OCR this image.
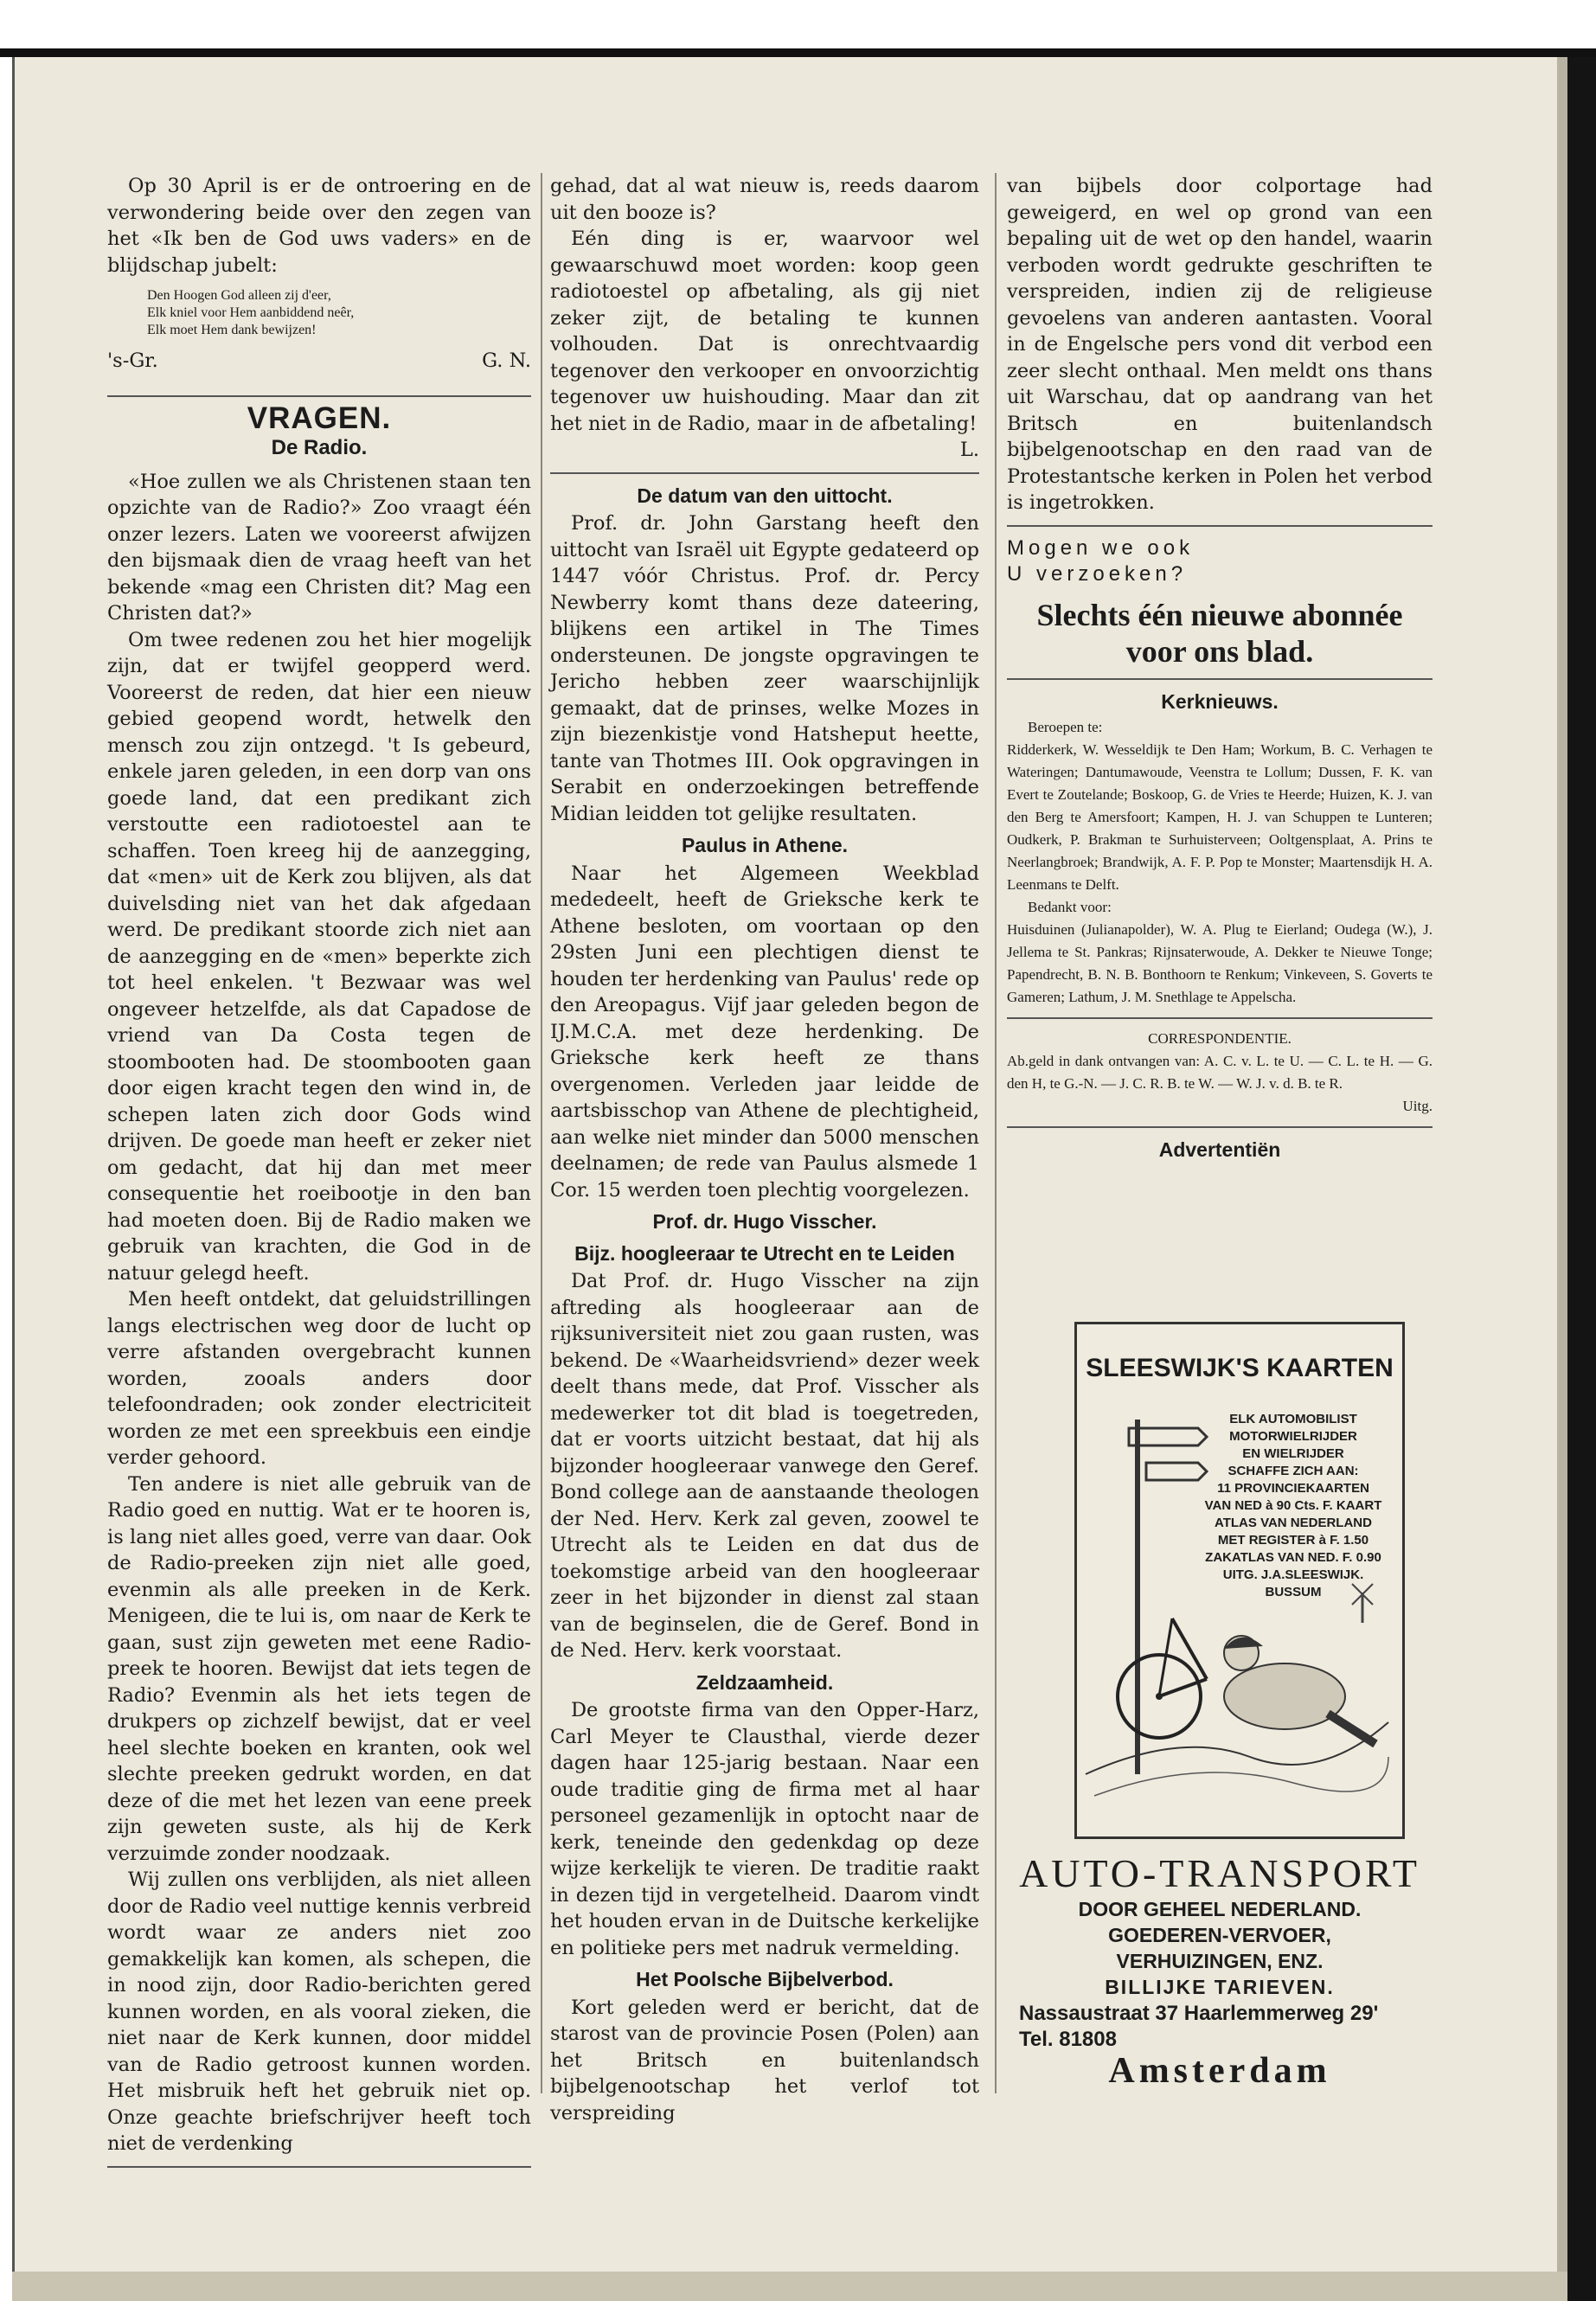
Op 30 April is er de ontroering en de verwondering beide over den zegen van het «Ik ben de God uws vaders» en de blijdschap jubelt:

Den Hoogen God alleen zij d'eer,
Elk kniel voor Hem aanbiddend neêr,
Elk moet Hem dank bewijzen!
's-Gr.	G. N.
VRAGEN.
De Radio.

«Hoe zullen we als Christenen staan ten opzichte van de Radio?» Zoo vraagt één onzer lezers. Laten we vooreerst afwijzen den bijsmaak dien de vraag heeft van het bekende «mag een Christen dit? Mag een Christen dat?»

Om twee redenen zou het hier mogelijk zijn, dat er twijfel geopperd werd. Vooreerst de reden, dat hier een nieuw gebied geopend wordt, hetwelk den mensch zou zijn ontzegd. 't Is gebeurd, enkele jaren geleden, in een dorp van ons goede land, dat een predikant zich verstoutte een radiotoestel aan te schaffen. Toen kreeg hij de aanzegging, dat «men» uit de Kerk zou blijven, als dat duivelsding niet van het dak afgedaan werd. De predikant stoorde zich niet aan de aanzegging en de «men» beperkte zich tot heel enkelen. 't Bezwaar was wel ongeveer hetzelfde, als dat Capadose de vriend van Da Costa tegen de stoombooten had. De stoombooten gaan door eigen kracht tegen den wind in, de schepen laten zich door Gods wind drijven. De goede man heeft er zeker niet om gedacht, dat hij dan met meer consequentie het roeibootje in den ban had moeten doen. Bij de Radio maken we gebruik van krachten, die God in de natuur gelegd heeft.

Men heeft ontdekt, dat geluidstrillingen langs electrischen weg door de lucht op verre afstanden overgebracht kunnen worden, zooals anders door telefoondraden; ook zonder electriciteit worden ze met een spreekbuis een eindje verder gehoord.

Ten andere is niet alle gebruik van de Radio goed en nuttig. Wat er te hooren is, is lang niet alles goed, verre van daar. Ook de Radio-preeken zijn niet alle goed, evenmin als alle preeken in de Kerk. Menigeen, die te lui is, om naar de Kerk te gaan, sust zijn geweten met eene Radio-preek te hooren. Bewijst dat iets tegen de Radio? Evenmin als het iets tegen de drukpers op zichzelf bewijst, dat er veel heel slechte boeken en kranten, ook wel slechte preeken gedrukt worden, en dat deze of die met het lezen van eene preek zijn geweten suste, als hij de Kerk verzuimde zonder noodzaak.

Wij zullen ons verblijden, als niet alleen door de Radio veel nuttige kennis verbreid wordt waar ze anders niet zoo gemakkelijk kan komen, als schepen, die in nood zijn, door Radio-berichten gered kunnen worden, en als vooral zieken, die niet naar de Kerk kunnen, door middel van de Radio getroost kunnen worden. Het misbruik heft het gebruik niet op. Onze geachte briefschrijver heeft toch niet de verdenking

gehad, dat al wat nieuw is, reeds daarom uit den booze is?

Eén ding is er, waarvoor wel gewaarschuwd moet worden: koop geen radiotoestel op afbetaling, als gij niet zeker zijt, de betaling te kunnen volhouden. Dat is onrechtvaardig tegenover den verkooper en onvoorzichtig tegenover uw huishouding. Maar dan zit het niet in de Radio, maar in de afbetaling!

L.
De datum van den uittocht.

Prof. dr. John Garstang heeft den uittocht van Israël uit Egypte gedateerd op 1447 vóór Christus. Prof. dr. Percy Newberry komt thans deze dateering, blijkens een artikel in The Times ondersteunen. De jongste opgravingen te Jericho hebben zeer waarschijnlijk gemaakt, dat de prinses, welke Mozes in zijn biezenkistje vond Hatsheput heette, tante van Thotmes III. Ook opgravingen in Serabit en onderzoekingen betreffende Midian leidden tot gelijke resultaten.

Paulus in Athene.

Naar het Algemeen Weekblad mededeelt, heeft de Grieksche kerk te Athene besloten, om voortaan op den 29sten Juni een plechtigen dienst te houden ter herdenking van Paulus' rede op den Areopagus. Vijf jaar geleden begon de IJ.M.C.A. met deze herdenking. De Grieksche kerk heeft ze thans overgenomen. Verleden jaar leidde de aartsbisschop van Athene de plechtigheid, aan welke niet minder dan 5000 menschen deelnamen; de rede van Paulus alsmede 1 Cor. 15 werden toen plechtig voorgelezen.

Prof. dr. Hugo Visscher.
Bijz. hoogleeraar te Utrecht en te Leiden

Dat Prof. dr. Hugo Visscher na zijn aftreding als hoogleeraar aan de rijksuniversiteit niet zou gaan rusten, was bekend. De «Waarheidsvriend» dezer week deelt thans mede, dat Prof. Visscher als medewerker tot dit blad is toegetreden, dat er voorts uitzicht bestaat, dat hij als bijzonder hoogleeraar vanwege den Geref. Bond college aan de aanstaande theologen der Ned. Herv. Kerk zal geven, zoowel te Utrecht als te Leiden en dat dus de toekomstige arbeid van den hoogleeraar zeer in het bijzonder in dienst zal staan van de beginselen, die de Geref. Bond in de Ned. Herv. kerk voorstaat.

Zeldzaamheid.

De grootste firma van den Opper-Harz, Carl Meyer te Clausthal, vierde dezer dagen haar 125-jarig bestaan. Naar een oude traditie ging de firma met al haar personeel gezamenlijk in optocht naar de kerk, teneinde den gedenkdag op deze wijze kerkelijk te vieren. De traditie raakt in dezen tijd in vergetelheid. Daarom vindt het houden ervan in de Duitsche kerkelijke en politieke pers met nadruk vermelding.

Het Poolsche Bijbelverbod.

Kort geleden werd er bericht, dat de starost van de provincie Posen (Polen) aan het Britsch en buitenlandsch bijbelgenootschap het verlof tot verspreiding

van bijbels door colportage had geweigerd, en wel op grond van een bepaling uit de wet op den handel, waarin verboden wordt gedrukte geschriften te verspreiden, indien zij de religieuse gevoelens van anderen aantasten. Vooral in de Engelsche pers vond dit verbod een zeer slecht onthaal. Men meldt ons thans uit Warschau, dat op aandrang van het Britsch en buitenlandsch bijbelgenootschap en den raad van de Protestantsche kerken in Polen het verbod is ingetrokken.

Mogen we ook
U verzoeken?
Slechts één nieuwe abonnée voor ons blad.
Kerknieuws.
Beroepen te:
Ridderkerk, W. Wesseldijk te Den Ham; Workum, B. C. Verhagen te Wateringen; Dantumawoude, Veenstra te Lollum; Dussen, F. K. van Evert te Zoutelande; Boskoop, G. de Vries te Heerde; Huizen, K. J. van den Berg te Amersfoort; Kampen, H. J. van Schuppen te Lunteren; Oudkerk, P. Brakman te Surhuisterveen; Ooltgensplaat, A. Prins te Neerlangbroek; Brandwijk, A. F. P. Pop te Monster; Maartensdijk H. A. Leenmans te Delft.
Bedankt voor:
Huisduinen (Julianapolder), W. A. Plug te Eierland; Oudega (W.), J. Jellema te St. Pankras; Rijnsaterwoude, A. Dekker te Nieuwe Tonge; Papendrecht, B. N. B. Bonthoorn te Renkum; Vinkeveen, S. Goverts te Gameren; Lathum, J. M. Snethlage te Appelscha.
CORRESPONDENTIE.
Ab.geld in dank ontvangen van: A. C. v. L. te U. — C. L. te H. — G. den H, te G.-N. — J. C. R. B. te W. — W. J. v. d. B. te R.
Uitg.
Advertentiën
SLEESWIJK'S KAARTEN
ELK AUTOMOBILIST
MOTORWIELRIJDER
EN WIELRIJDER
SCHAFFE ZICH AAN:
11 PROVINCIEKAARTEN
VAN NED à 90 Cts. F. KAART
ATLAS VAN NEDERLAND
MET REGISTER à F. 1.50
ZAKATLAS VAN NED. F. 0.90
UITG. J.A.SLEESWIJK. BUSSUM
AUTO-TRANSPORT
DOOR GEHEEL NEDERLAND.
GOEDEREN-VERVOER,
VERHUIZINGEN, ENZ.
BILLIJKE TARIEVEN.
Nassaustraat 37 Haarlemmerweg 29'
Tel. 81808
Amsterdam
